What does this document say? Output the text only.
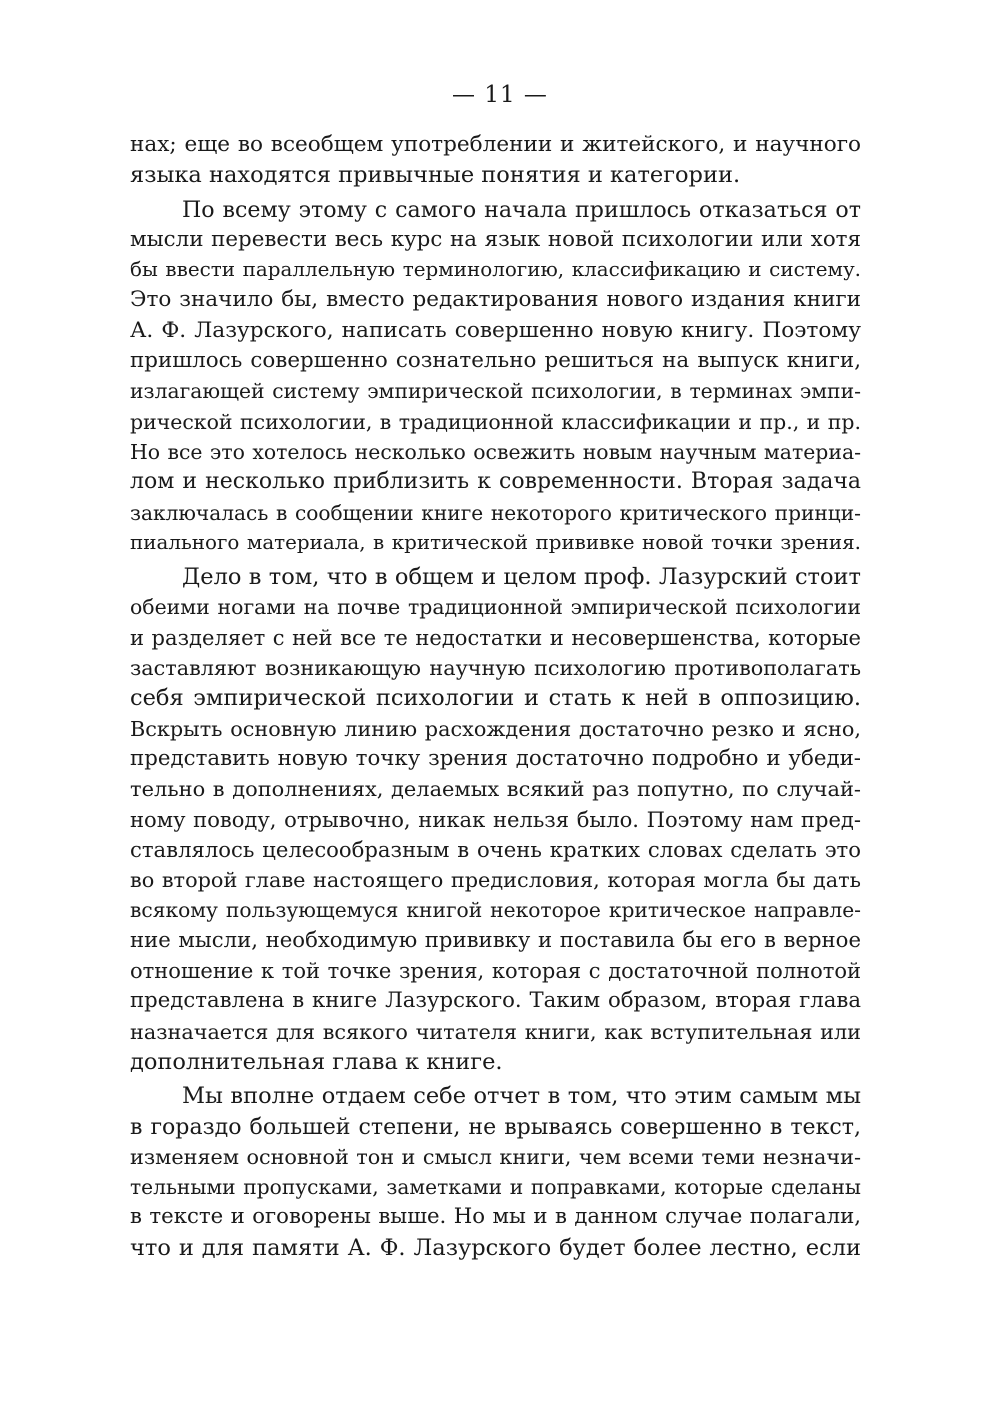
— 11 —
нах; еще во всеобщем употреблении и житейского, и научного
языка находятся привычные понятия и категории.
По всему этому с самого начала пришлось отказаться от
мысли перевести весь курс на язык новой психологии или хотя
бы ввести параллельную терминологию, классификацию и систему.
Это значило бы, вместо редактирования нового издания книги
А. Ф. Лазурского, написать совершенно новую книгу. Поэтому
пришлось совершенно сознательно решиться на выпуск книги,
излагающей систему эмпирической психологии, в терминах эмпи-
рической психологии, в традиционной классификации и пр., и пр.
Но все это хотелось несколько освежить новым научным материа-
лом и несколько приблизить к современности. Вторая задача
заключалась в сообщении книге некоторого критического принци-
пиального материала, в критической прививке новой точки зрения.
Дело в том, что в общем и целом проф. Лазурский стоит
обеими ногами на почве традиционной эмпирической психологии
и разделяет с ней все те недостатки и несовершенства, которые
заставляют возникающую научную психологию противополагать
себя эмпирической психологии и стать к ней в оппозицию.
Вскрыть основную линию расхождения достаточно резко и ясно,
представить новую точку зрения достаточно подробно и убеди-
тельно в дополнениях, делаемых всякий раз попутно, по случай-
ному поводу, отрывочно, никак нельзя было. Поэтому нам пред-
ставлялось целесообразным в очень кратких словах сделать это
во второй главе настоящего предисловия, которая могла бы дать
всякому пользующемуся книгой некоторое критическое направле-
ние мысли, необходимую прививку и поставила бы его в верное
отношение к той точке зрения, которая с достаточной полнотой
представлена в книге Лазурского. Таким образом, вторая глава
назначается для всякого читателя книги, как вступительная или
дополнительная глава к книге.
Мы вполне отдаем себе отчет в том, что этим самым мы
в гораздо большей степени, не врываясь совершенно в текст,
изменяем основной тон и смысл книги, чем всеми теми незначи-
тельными пропусками, заметками и поправками, которые сделаны
в тексте и оговорены выше. Но мы и в данном случае полагали,
что и для памяти А. Ф. Лазурского будет более лестно, если
